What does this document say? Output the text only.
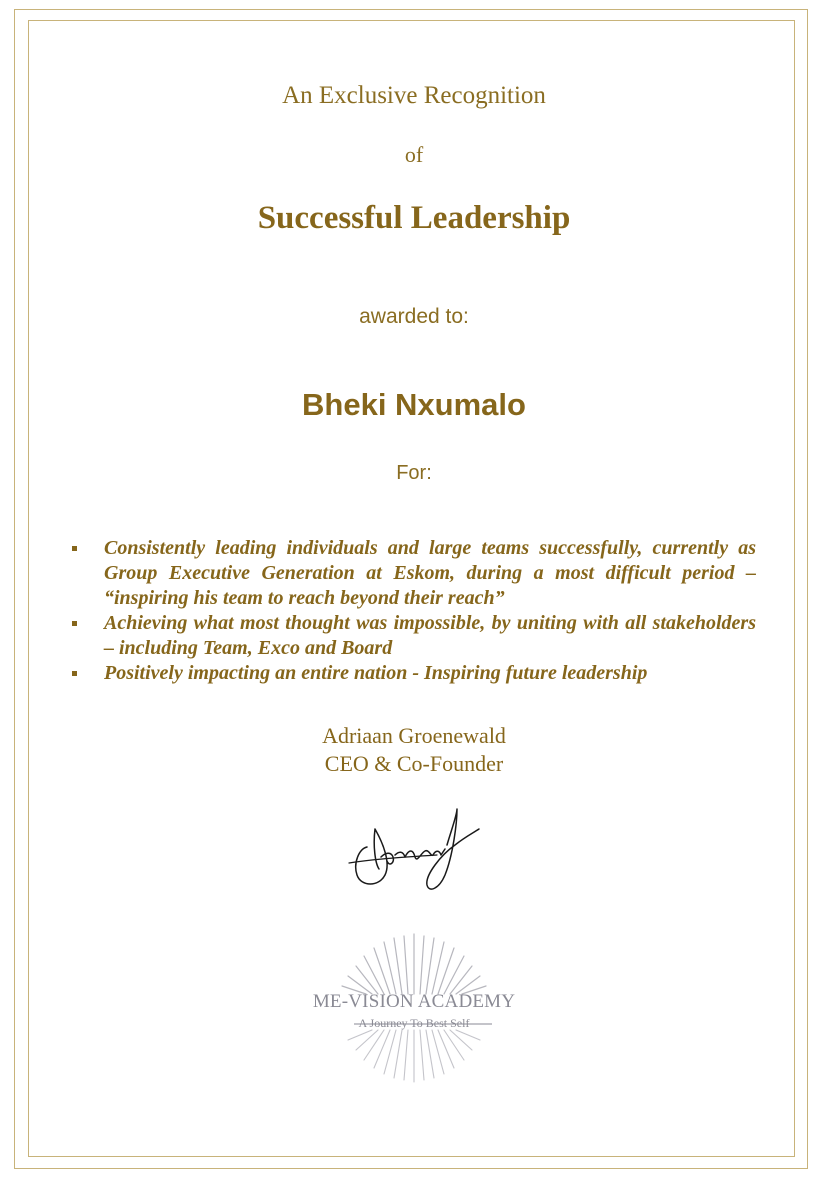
An Exclusive Recognition
of
Successful Leadership
awarded to:
Bheki Nxumalo
For:
Consistently leading individuals and large teams successfully, currently as Group Executive Generation at Eskom, during a most difficult period – “inspiring his team to reach beyond their reach”
Achieving what most thought was impossible, by uniting with all stakeholders – including Team, Exco and Board
Positively impacting an entire nation - Inspiring future leadership
Adriaan Groenewald
CEO & Co-Founder
ME-VISION ACADEMY
A Journey To Best Self
